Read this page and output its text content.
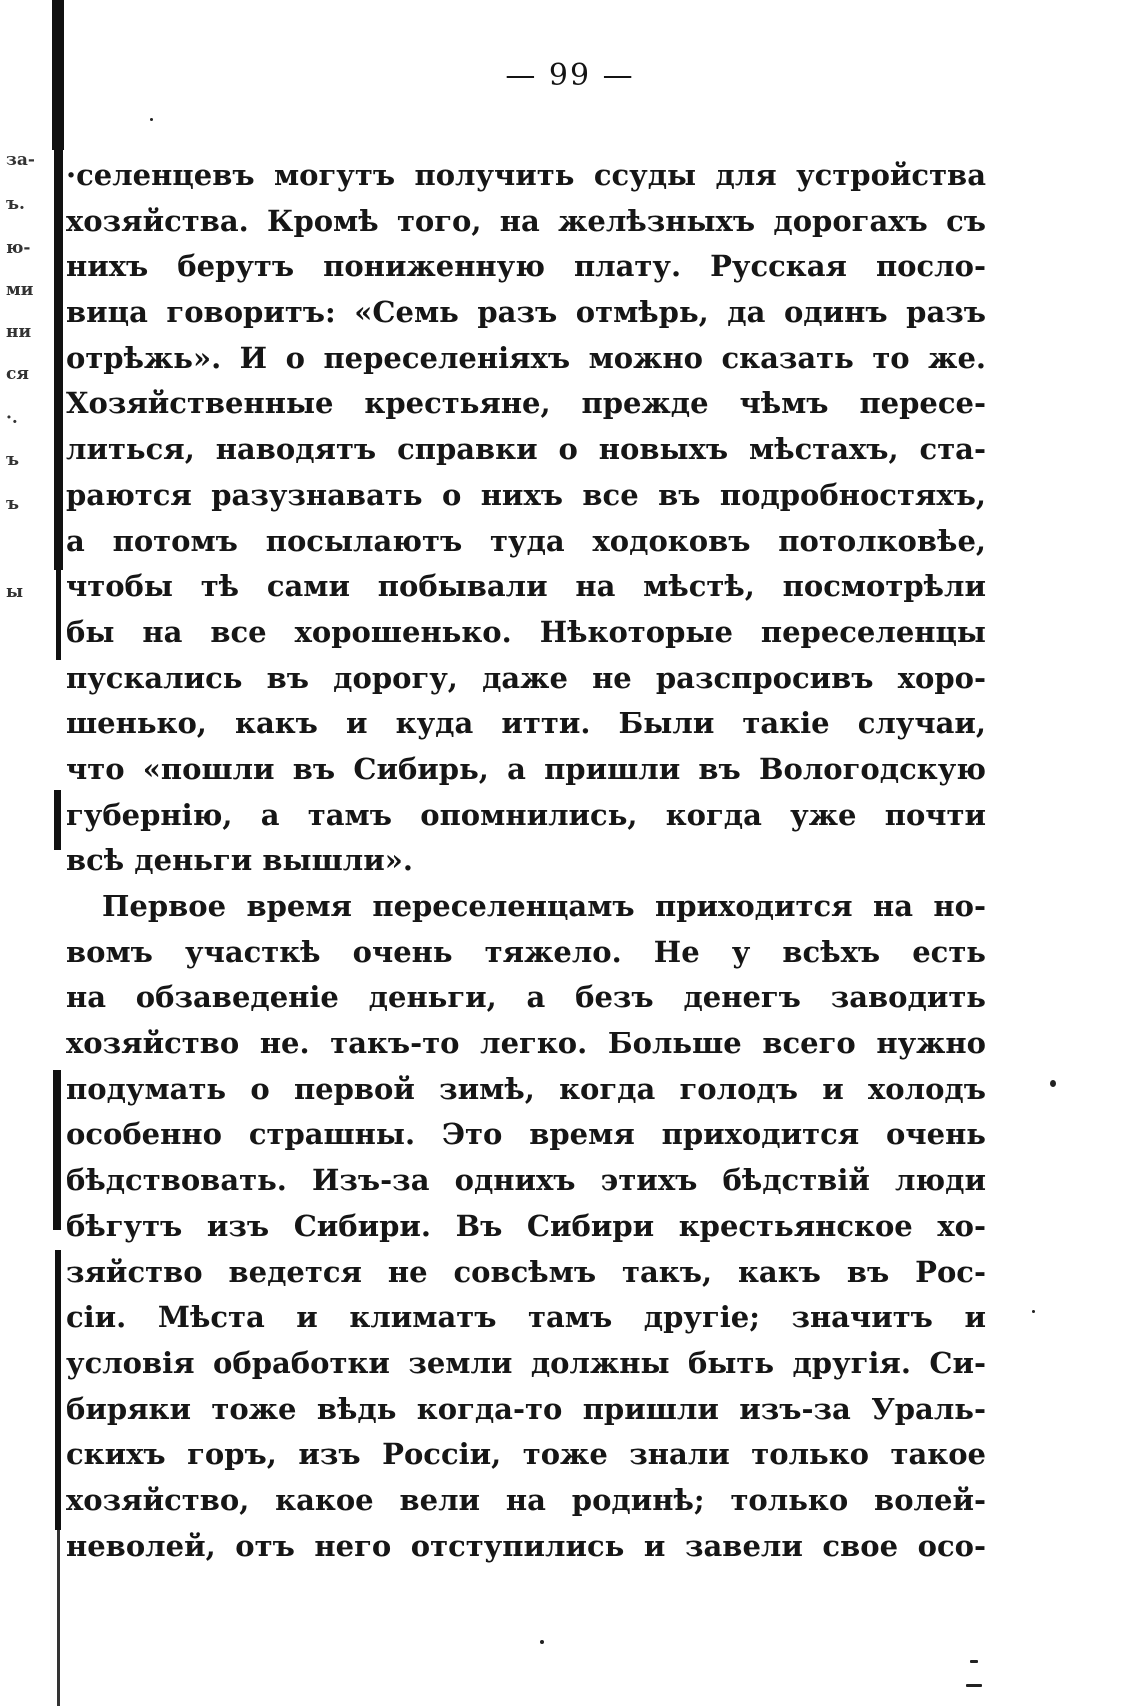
за-
ъ.
ю-
ми
ни
ся
·.
ъ
ъ
ы
— 99 —
·селенцевъ могутъ получить ссуды для устройства
хозяйства. Кромѣ того, на желѣзныхъ дорогахъ съ
нихъ берутъ пониженную плату. Русская посло-
вица говоритъ: «Семь разъ отмѣрь, да одинъ разъ
отрѣжь». И о переселеніяхъ можно сказать то же.
Хозяйственные крестьяне, прежде чѣмъ пересе-
литься, наводятъ справки о новыхъ мѣстахъ, ста-
раются разузнавать о нихъ все въ подробностяхъ,
а потомъ посылаютъ туда ходоковъ потолковѣе,
чтобы тѣ сами побывали на мѣстѣ, посмотрѣли
бы на все хорошенько. Нѣкоторые переселенцы
пускались въ дорогу, даже не разспросивъ хоро-
шенько, какъ и куда итти. Были такіе случаи,
что «пошли въ Сибирь, а пришли въ Вологодскую
губернію, а тамъ опомнились, когда уже почти
всѣ деньги вышли».
Первое время переселенцамъ приходится на но-
вомъ участкѣ очень тяжело. Не у всѣхъ есть
на обзаведеніе деньги, а безъ денегъ заводить
хозяйство не. такъ-то легко. Больше всего нужно
подумать о первой зимѣ, когда голодъ и холодъ
особенно страшны. Это время приходится очень
бѣдствовать. Изъ-за однихъ этихъ бѣдствій люди
бѣгутъ изъ Сибири. Въ Сибири крестьянское хо-
зяйство ведется не совсѣмъ такъ, какъ въ Рос-
сіи. Мѣста и климатъ тамъ другіе; значитъ и
условія обработки земли должны быть другія. Си-
биряки тоже вѣдь когда-то пришли изъ-за Ураль-
скихъ горъ, изъ Россіи, тоже знали только такое
хозяйство, какое вели на родинѣ; только волей-
неволей, отъ него отступились и завели свое осо-
